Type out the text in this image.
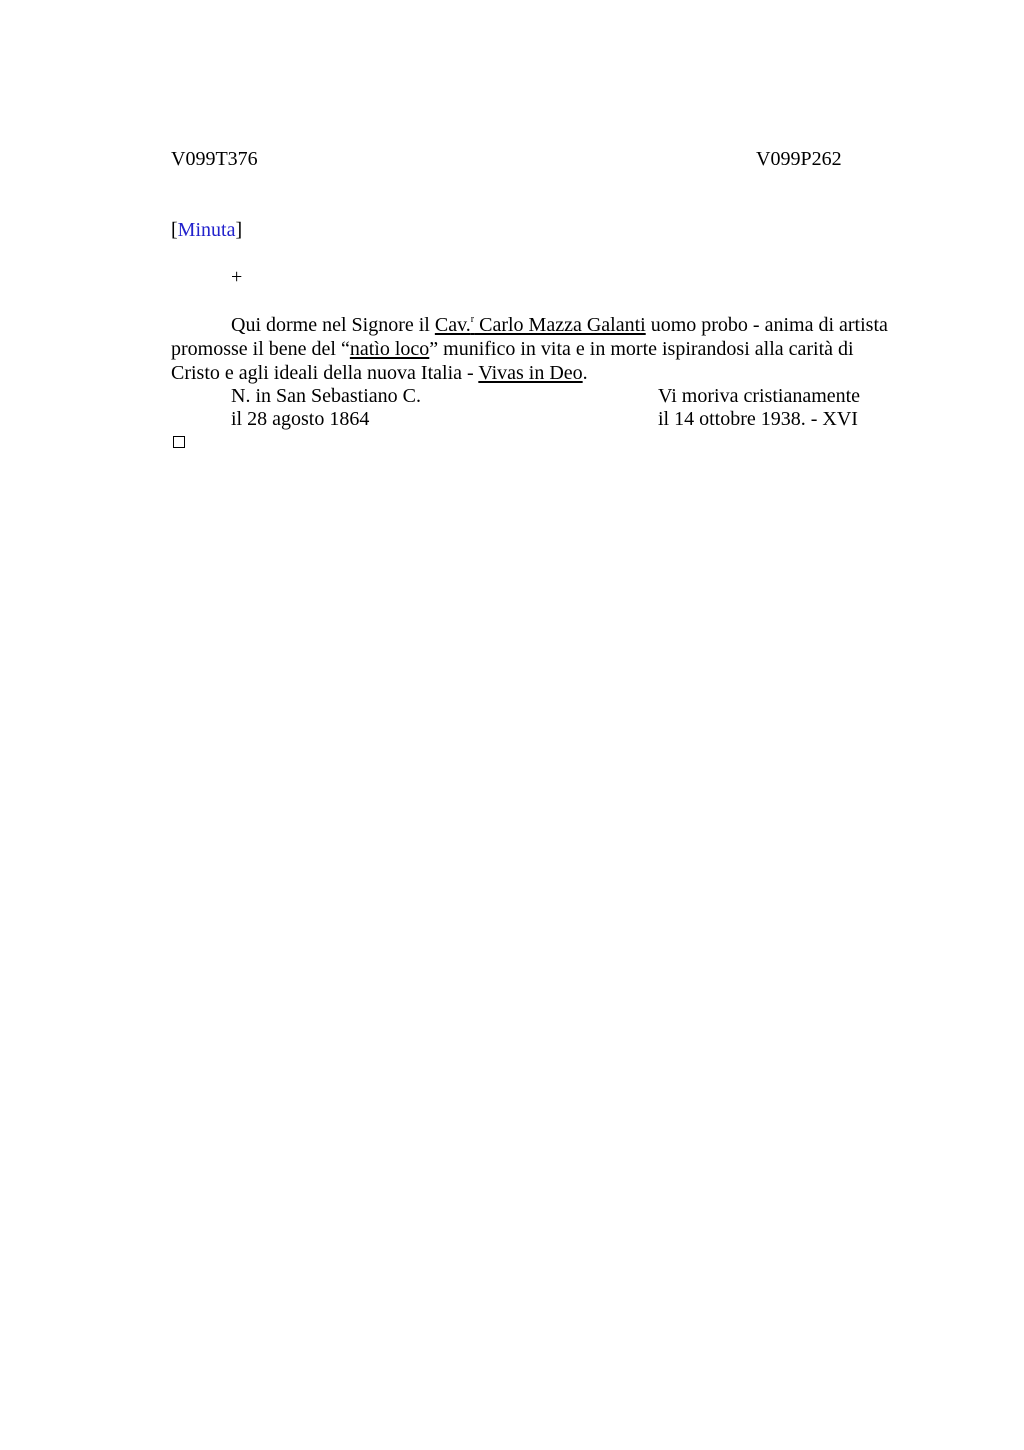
V099T376	V099P262
[Minuta]
+
Qui dorme nel Signore il Cav.$^r$ Carlo Mazza Galanti uomo probo - anima di artista
promosse il bene del “natìo loco” munifico in vita e in morte ispirandosi alla carità di
Cristo e agli ideali della nuova Italia - Vivas in Deo.
N. in San Sebastiano C.	Vi moriva cristianamente
il 28 agosto 1864	il 14 ottobre 1938. - XVI
